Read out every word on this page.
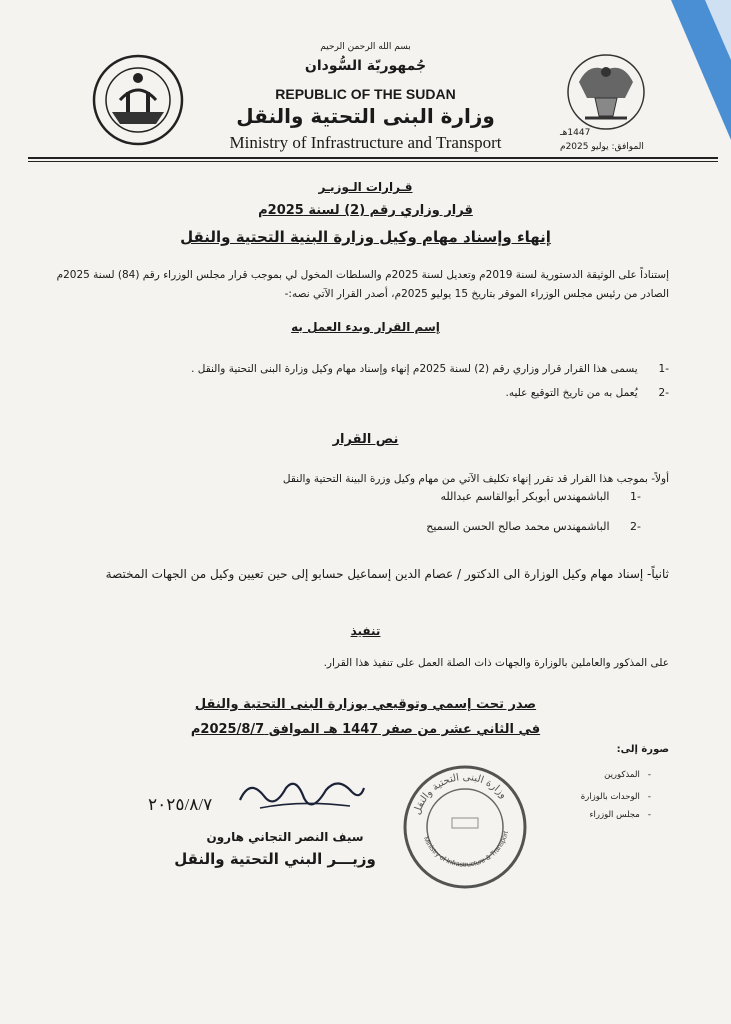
بسم الله الرحمن الرحيم
جُمهوريّة السُّودان
REPUBLIC OF THE SUDAN
وزارة البنى التحتية والنقل
Ministry of Infrastructure and Transport	1447هـ
الموافق: يوليو 2025م
قـرارات الـوزيـر
قرار وزاري رقم (2) لسنة 2025م
إنهاء وإسناد مهام وكيل وزارة البنية التحتية والنقل
إستناداً على الوثيقة الدستورية لسنة 2019م وتعديل لسنة 2025م والسلطات المخول لي بموجب قرار مجلس الوزراء رقم (84) لسنة 2025م الصادر من رئيس مجلس الوزراء الموقر بتاريخ 15 يوليو 2025م، أصدر القرار الآتي نصه:-
إسم القرار وبدء العمل به
-1 يسمى هذا القرار قرار وزاري رقم (2) لسنة 2025م إنهاء وإسناد مهام وكيل وزارة البنى التحتية والنقل .
-2 يُعمل به من تاريخ التوقيع عليه.
نص القرار
أولاً- بموجب هذا القرار قد تقرر إنهاء تكليف الآتي من مهام وكيل وزرة البينة التحتية والنقل
-1 الباشمهندس أبوبكر أبوالقاسم عبدالله
-2 الباشمهندس محمد صالح الحسن السميح
ثانياً- إسناد مهام وكيل الوزارة الى الدكتور / عصام الدين إسماعيل حسابو إلى حين تعيين وكيل من الجهات المختصة
تنفيذ
على المذكور والعاملين بالوزارة والجهات ذات الصلة العمل على تنفيذ هذا القرار.
صدر تحت إسمي وتوقيعي بوزارة البنى التحتية والنقل
في الثاني عشر من صفر 1447 هـ الموافق 2025/8/7م
صورة إلى:
-   المذكورين
-   الوحدات بالوزارة
-   مجلس الوزراء
٢٠٢٥/٨/٧
سيف النصر التجاني هارون
وزيـــر البني التحتية والنقل
وزارة البنى التحتية والنقل
Ministry of Infrastructure & Transport
